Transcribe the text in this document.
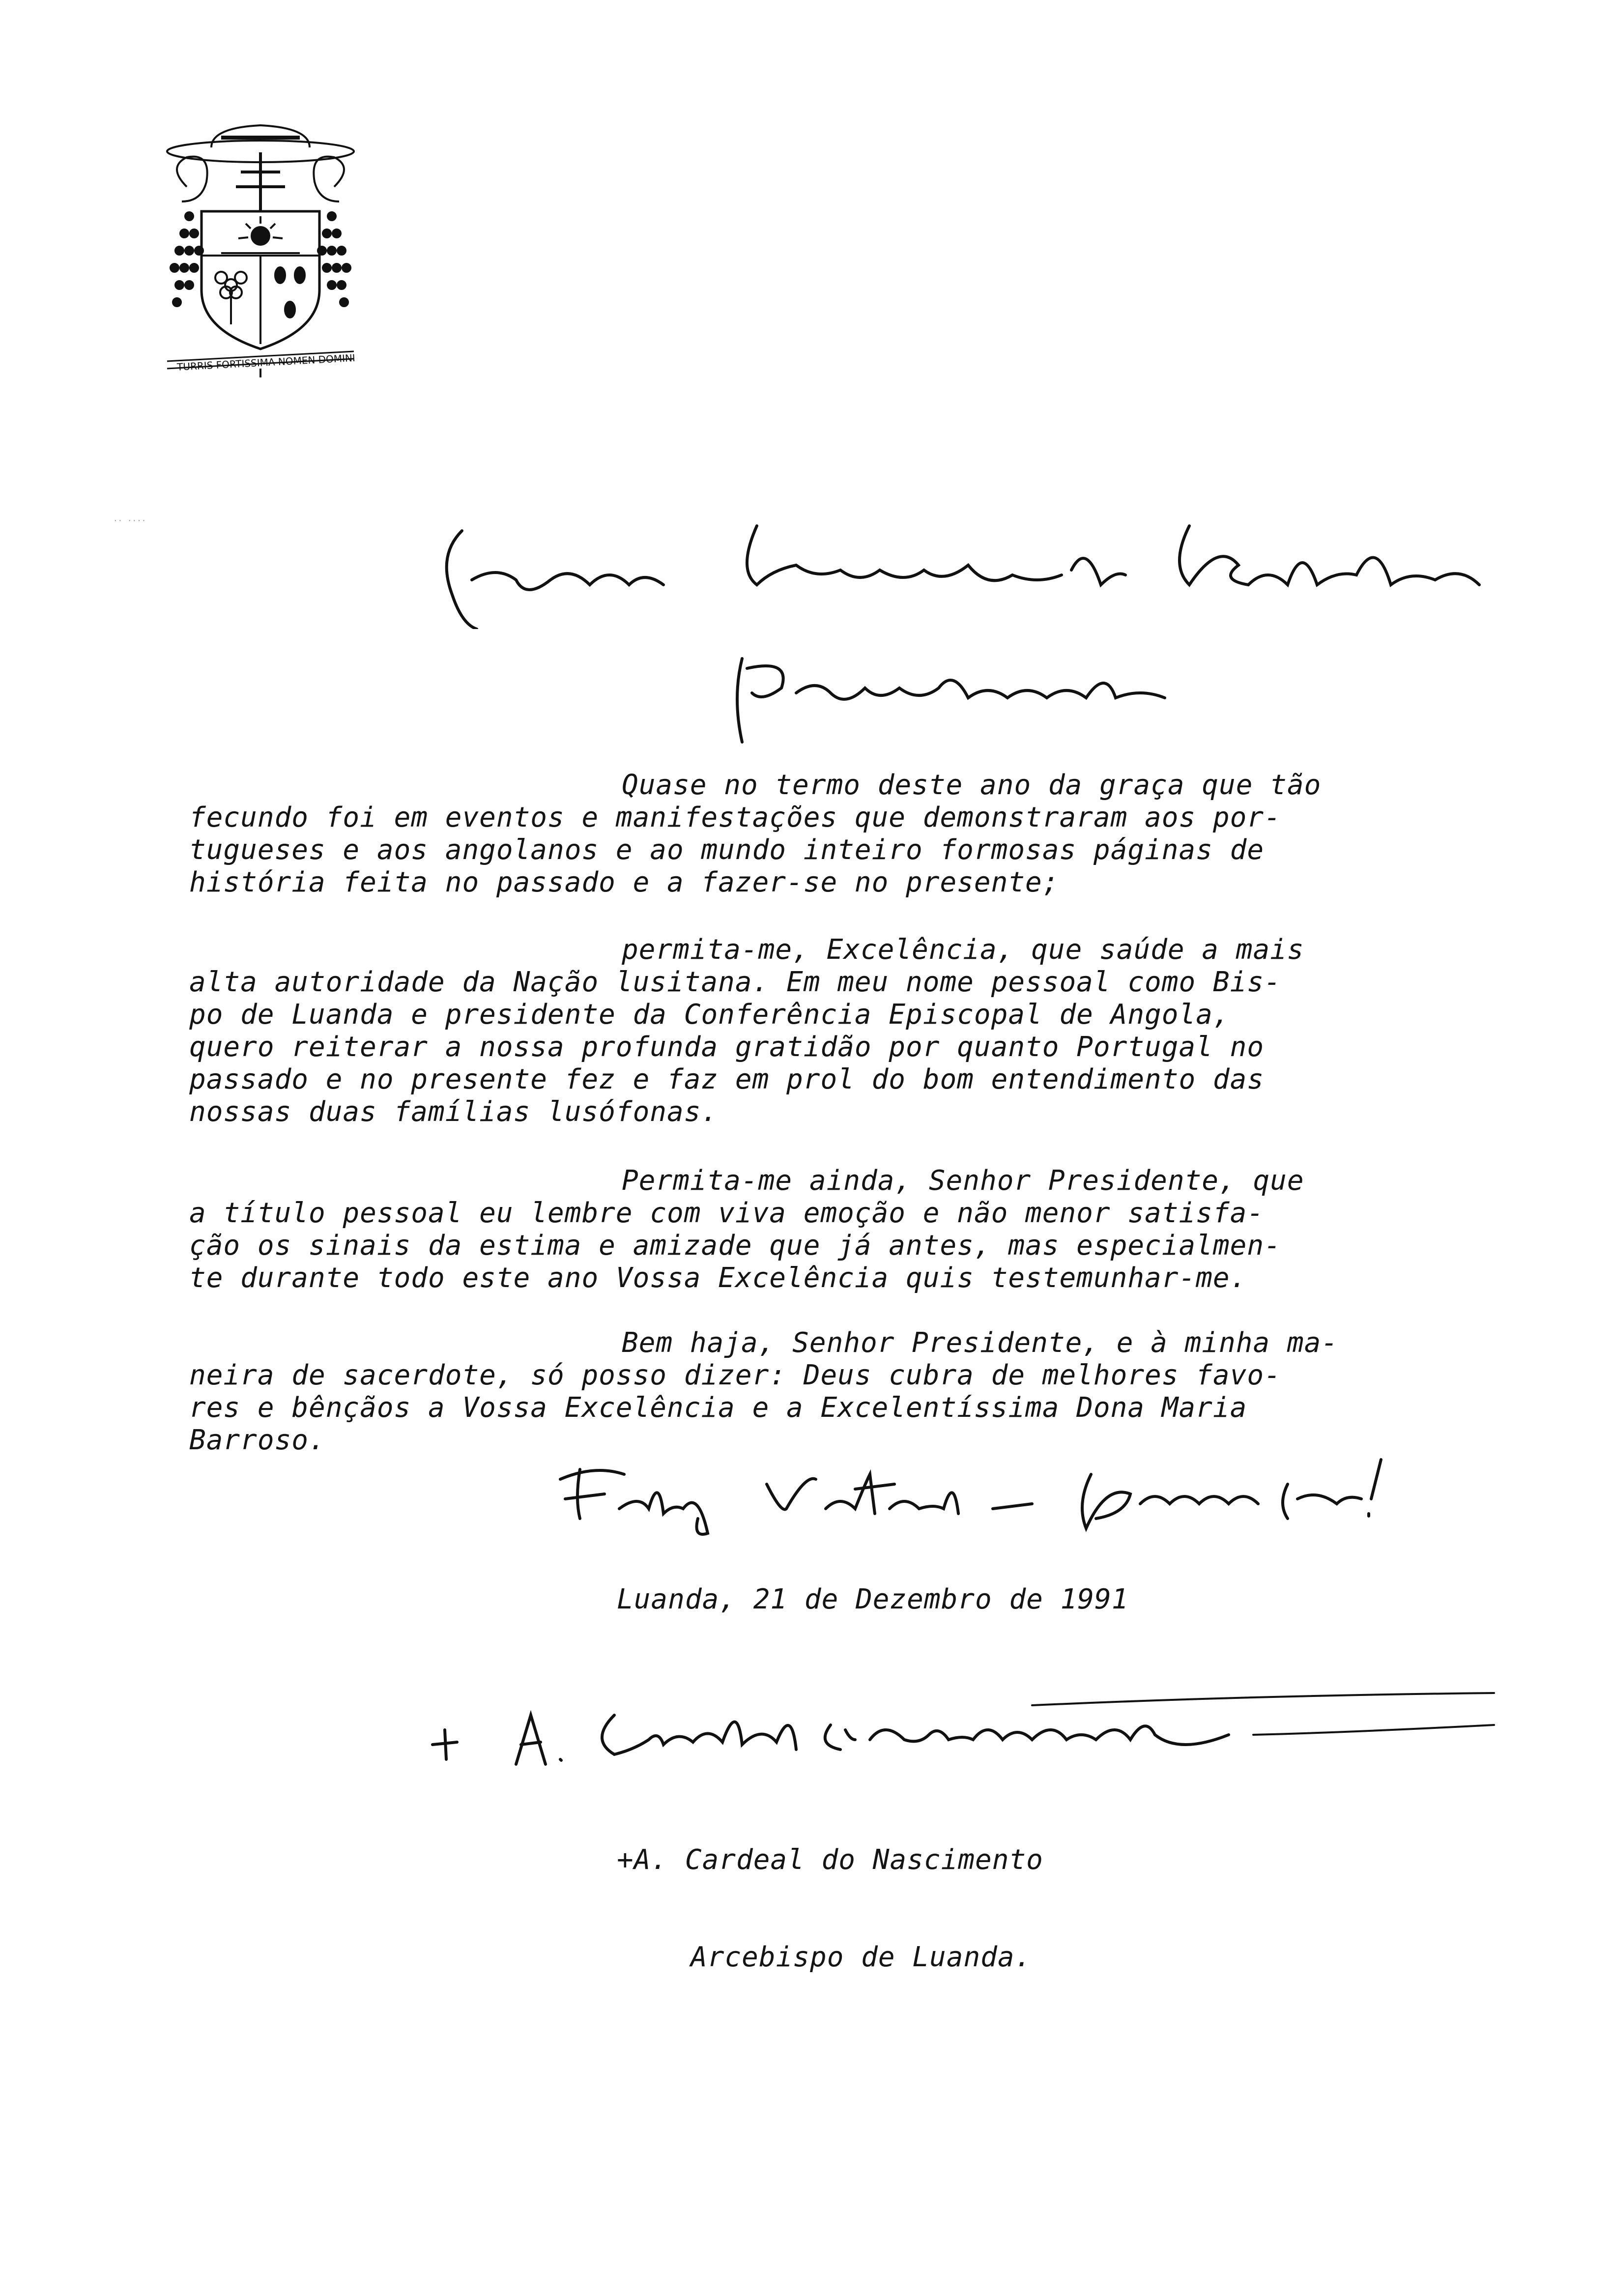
TURRIS FORTISSIMA NOMEN DOMINI
·· ····
Quase no termo deste ano da graça que tão
fecundo foi em eventos e manifestações que demonstraram aos por-
tugueses e aos angolanos e ao mundo inteiro formosas páginas de
história feita no passado e a fazer-se no presente;
permita-me, Excelência, que saúde a mais
alta autoridade da Nação lusitana. Em meu nome pessoal como Bis-
po de Luanda e presidente da Conferência Episcopal de Angola,
quero reiterar a nossa profunda gratidão por quanto Portugal no
passado e no presente fez e faz em prol do bom entendimento das
nossas duas famílias lusófonas.
Permita-me ainda, Senhor Presidente, que
a título pessoal eu lembre com viva emoção e não menor satisfa-
ção os sinais da estima e amizade que já antes, mas especialmen-
te durante todo este ano Vossa Excelência quis testemunhar-me.
Bem haja, Senhor Presidente, e à minha ma-
neira de sacerdote, só posso dizer: Deus cubra de melhores favo-
res e bênçãos a Vossa Excelência e a Excelentíssima Dona Maria
Barroso.
Luanda, 21 de Dezembro de 1991

+A. Cardeal do Nascimento

Arcebispo de Luanda.
